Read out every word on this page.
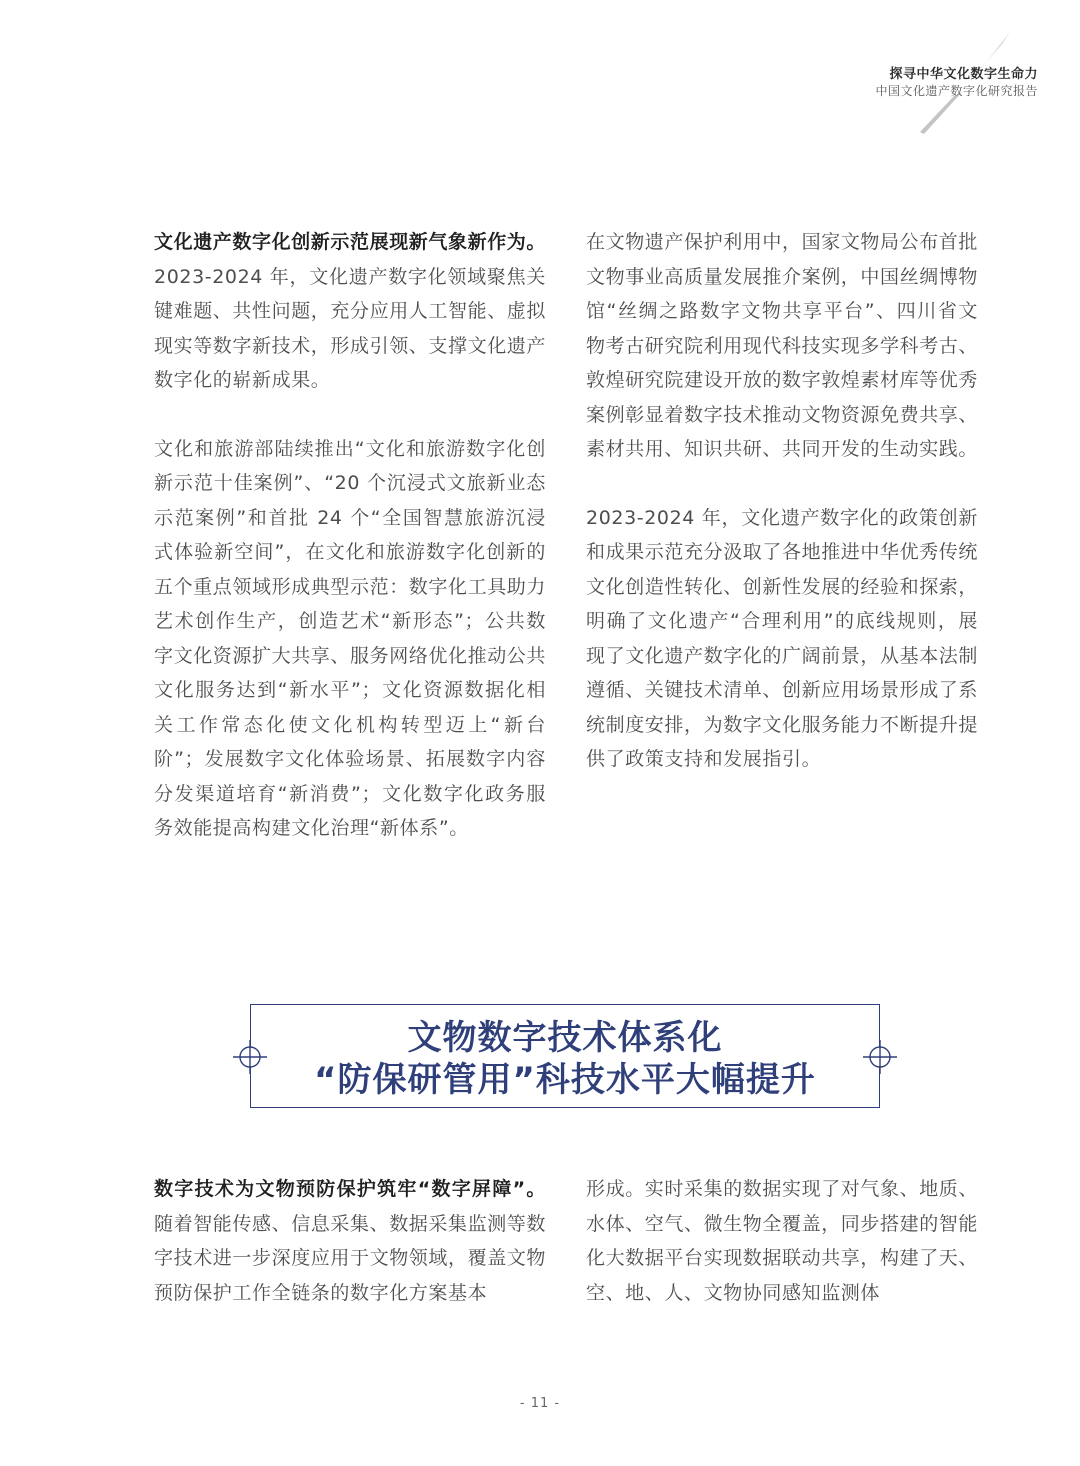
探寻中华文化数字生命力
中国文化遗产数字化研究报告

文化遗产数字化创新示范展现新气象新作为。2023-2024 年，文化遗产数字化领域聚焦关键难题、共性问题，充分应用人工智能、虚拟现实等数字新技术，形成引领、支撑文化遗产数字化的崭新成果。

文化和旅游部陆续推出“文化和旅游数字化创新示范十佳案例”、“20 个沉浸式文旅新业态示范案例”和首批 24 个“全国智慧旅游沉浸式体验新空间”，在文化和旅游数字化创新的五个重点领域形成典型示范：数字化工具助力艺术创作生产，创造艺术“新形态”；公共数字文化资源扩大共享、服务网络优化推动公共文化服务达到“新水平”；文化资源数据化相关工作常态化使文化机构转型迈上“新台阶”；发展数字文化体验场景、拓展数字内容分发渠道培育“新消费”；文化数字化政务服务效能提高构建文化治理“新体系”。

在文物遗产保护利用中，国家文物局公布首批文物事业高质量发展推介案例，中国丝绸博物馆“丝绸之路数字文物共享平台”、四川省文物考古研究院利用现代科技实现多学科考古、敦煌研究院建设开放的数字敦煌素材库等优秀案例彰显着数字技术推动文物资源免费共享、素材共用、知识共研、共同开发的生动实践。

2023-2024 年，文化遗产数字化的政策创新和成果示范充分汲取了各地推进中华优秀传统文化创造性转化、创新性发展的经验和探索，明确了文化遗产“合理利用”的底线规则，展现了文化遗产数字化的广阔前景，从基本法制遵循、关键技术清单、创新应用场景形成了系统制度安排，为数字文化服务能力不断提升提供了政策支持和发展指引。

文物数字技术体系化
“防保研管用”科技水平大幅提升

数字技术为文物预防保护筑牢“数字屏障”。随着智能传感、信息采集、数据采集监测等数字技术进一步深度应用于文物领域，覆盖文物预防保护工作全链条的数字化方案基本

形成。实时采集的数据实现了对气象、地质、水体、空气、微生物全覆盖，同步搭建的智能化大数据平台实现数据联动共享，构建了天、空、地、人、文物协同感知监测体

- 11 -
